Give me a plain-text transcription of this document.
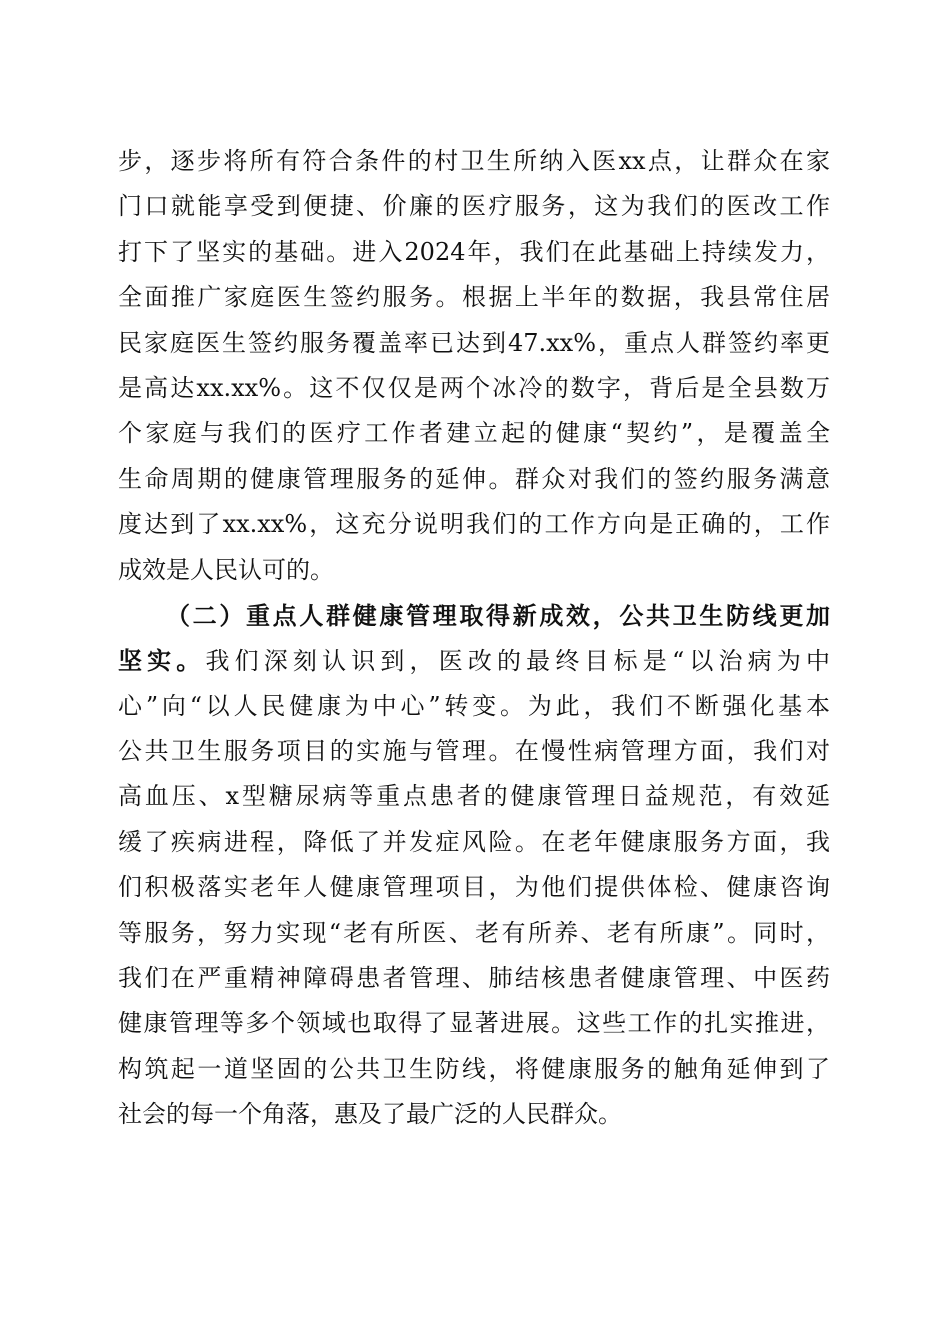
步，逐步将所有符合条件的村卫生所纳入医xx点，让群众在家
门口就能享受到便捷、价廉的医疗服务，这为我们的医改工作
打下了坚实的基础。进入2024年，我们在此基础上持续发力，
全面推广家庭医生签约服务。根据上半年的数据，我县常住居
民家庭医生签约服务覆盖率已达到47.xx%，重点人群签约率更
是高达xx.xx%。这不仅仅是两个冰冷的数字，背后是全县数万
个家庭与我们的医疗工作者建立起的健康“契约”，是覆盖全
生命周期的健康管理服务的延伸。群众对我们的签约服务满意
度达到了xx.xx%，这充分说明我们的工作方向是正确的，工作
成效是人民认可的。
（二）重点人群健康管理取得新成效，公共卫生防线更加
坚实。我们深刻认识到，医改的最终目标是“以治病为中
心”向“以人民健康为中心”转变。为此，我们不断强化基本
公共卫生服务项目的实施与管理。在慢性病管理方面，我们对
高血压、x型糖尿病等重点患者的健康管理日益规范，有效延
缓了疾病进程，降低了并发症风险。在老年健康服务方面，我
们积极落实老年人健康管理项目，为他们提供体检、健康咨询
等服务，努力实现“老有所医、老有所养、老有所康”。同时，
我们在严重精神障碍患者管理、肺结核患者健康管理、中医药
健康管理等多个领域也取得了显著进展。这些工作的扎实推进，
构筑起一道坚固的公共卫生防线，将健康服务的触角延伸到了
社会的每一个角落，惠及了最广泛的人民群众。
